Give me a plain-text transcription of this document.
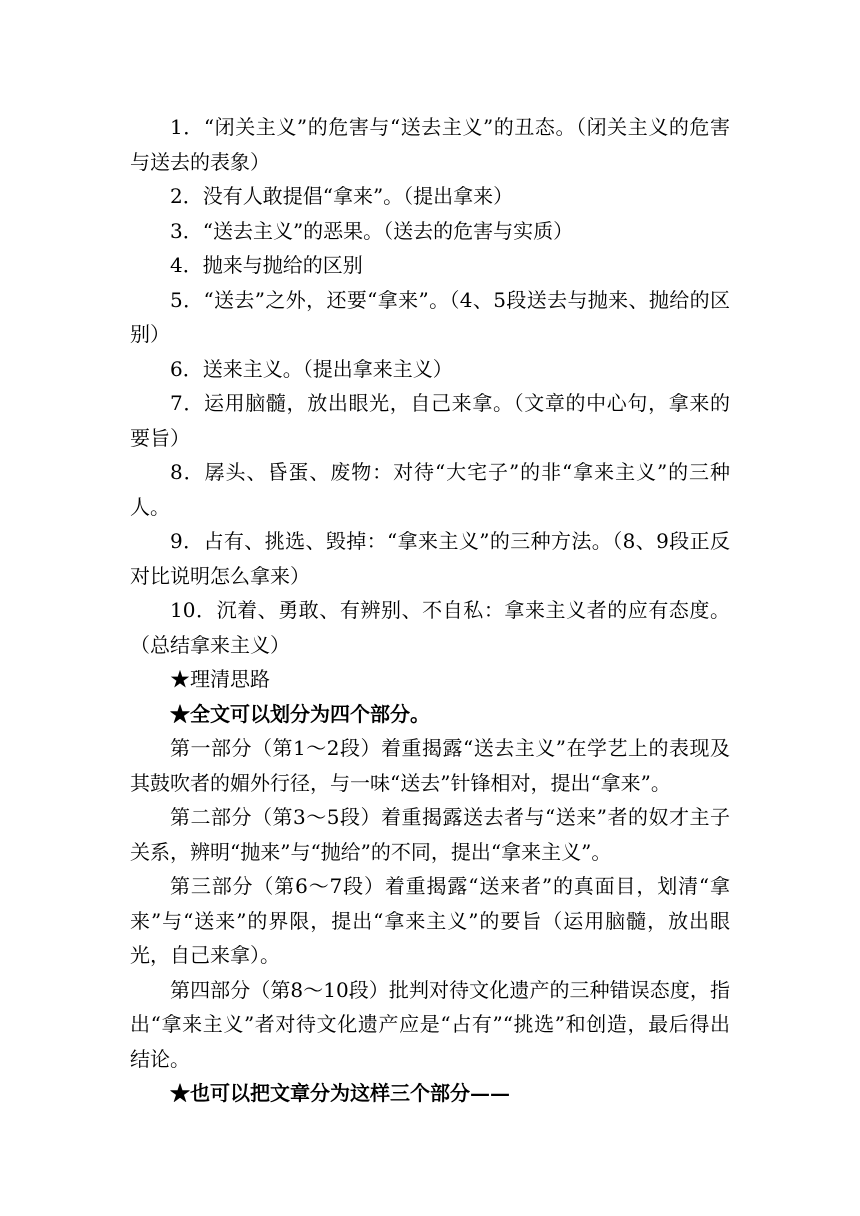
1．“闭关主义”的危害与“送去主义”的丑态。（闭关主义的危害与送去的表象）

2．没有人敢提倡“拿来”。（提出拿来）

3．“送去主义”的恶果。（送去的危害与实质）

4．抛来与抛给的区别

5．“送去”之外，还要“拿来”。（4、5段送去与抛来、抛给的区别）

6．送来主义。（提出拿来主义）

7．运用脑髓，放出眼光，自己来拿。（文章的中心句，拿来的要旨）

8．孱头、昏蛋、废物：对待“大宅子”的非“拿来主义”的三种人。

9．占有、挑选、毁掉：“拿来主义”的三种方法。（8、9段正反对比说明怎么拿来）

10．沉着、勇敢、有辨别、不自私：拿来主义者的应有态度。（总结拿来主义）

★理清思路

★全文可以划分为四个部分。

第一部分（第1～2段）着重揭露“送去主义”在学艺上的表现及其鼓吹者的媚外行径，与一味“送去”针锋相对，提出“拿来”。

第二部分（第3～5段）着重揭露送去者与“送来”者的奴才主子关系，辨明“抛来”与“抛给”的不同，提出“拿来主义”。

第三部分（第6～7段）着重揭露“送来者”的真面目，划清“拿来”与“送来”的界限，提出“拿来主义”的要旨（运用脑髓，放出眼光，自己来拿）。

第四部分（第8～10段）批判对待文化遗产的三种错误态度，指出“拿来主义”者对待文化遗产应是“占有”“挑选”和创造，最后得出结论。

★也可以把文章分为这样三个部分——
